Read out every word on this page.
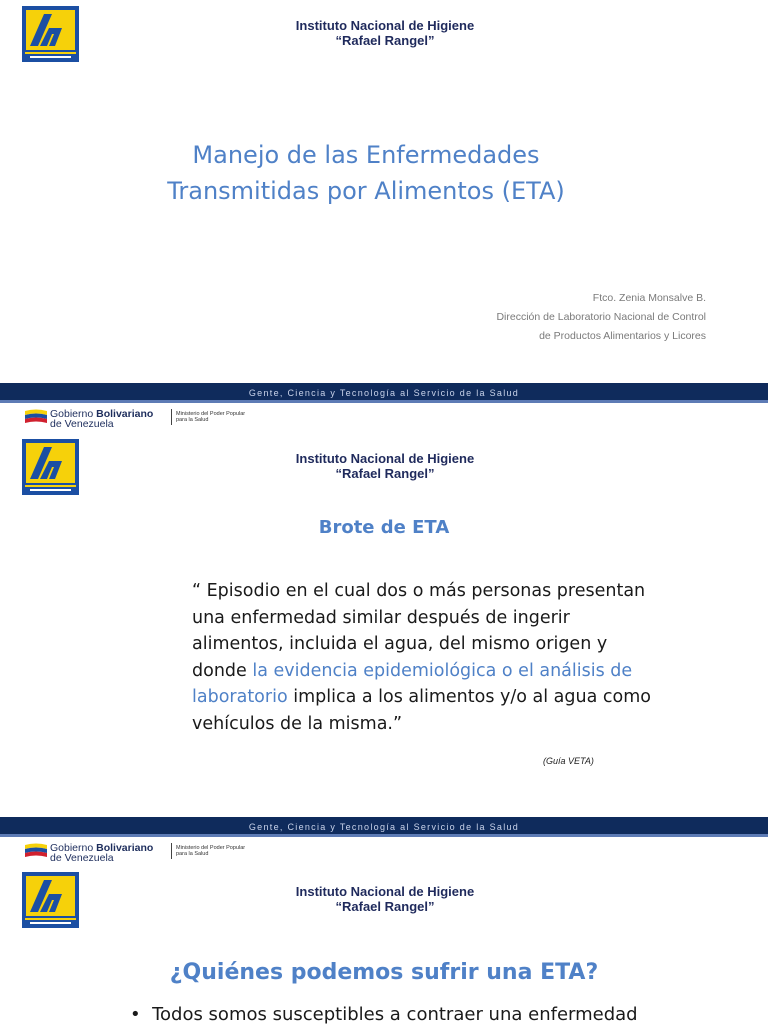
Instituto Nacional de Higiene
“Rafael Rangel”
Manejo de las Enfermedades
Transmitidas por Alimentos (ETA)
Ftco. Zenia Monsalve B.
Dirección de Laboratorio Nacional de Control
de Productos Alimentarios y Licores
Gente, Ciencia y Tecnología al Servicio de la Salud
Gobierno Bolivariano
de Venezuela
Ministerio del Poder Popular
para la Salud
Instituto Nacional de Higiene
“Rafael Rangel”
Brote de ETA
“ Episodio en el cual dos o más personas presentan una enfermedad similar después de ingerir alimentos, incluida el agua, del mismo origen y donde la evidencia epidemiológica o el análisis de laboratorio implica a los alimentos y/o al agua como vehículos de la misma.”
(Guía VETA)
Gente, Ciencia y Tecnología al Servicio de la Salud
Gobierno Bolivariano
de Venezuela
Ministerio del Poder Popular
para la Salud
Instituto Nacional de Higiene
“Rafael Rangel”
¿Quiénes podemos sufrir una ETA?
•  Todos somos susceptibles a contraer una enfermedad
